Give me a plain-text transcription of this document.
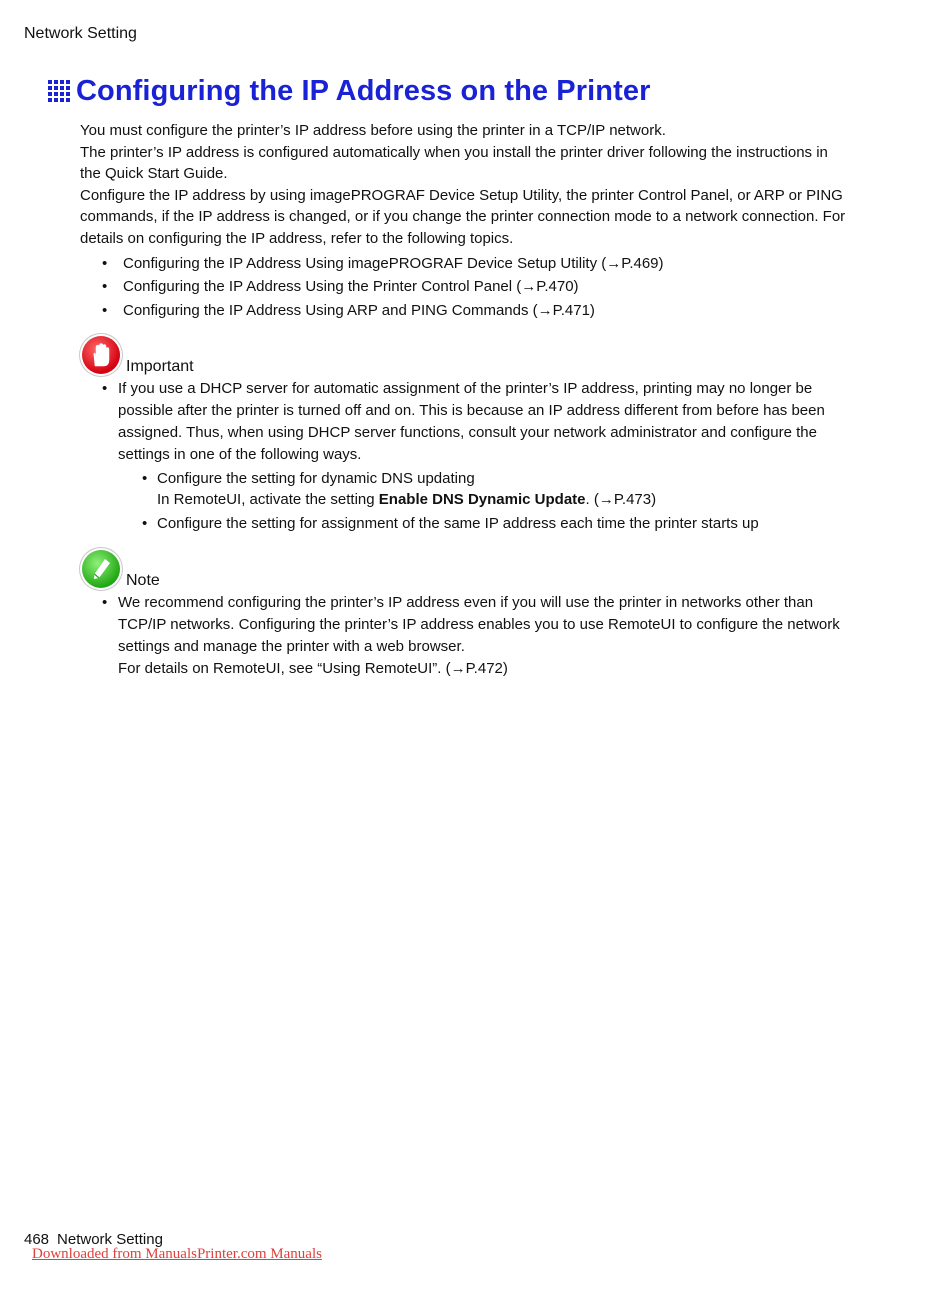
Network Setting
Configuring the IP Address on the Printer

You must configure the printer’s IP address before using the printer in a TCP/IP network.

The printer’s IP address is configured automatically when you install the printer driver following the instructions in the Quick Start Guide.

Configure the IP address by using imagePROGRAF Device Setup Utility, the printer Control Panel, or ARP or PING commands, if the IP address is changed, or if you change the printer connection mode to a network connection. For details on configuring the IP address, refer to the following topics.

• Configuring the IP Address Using imagePROGRAF Device Setup Utility (→P.469)
• Configuring the IP Address Using the Printer Control Panel (→P.470)
• Configuring the IP Address Using ARP and PING Commands (→P.471)
Important
• If you use a DHCP server for automatic assignment of the printer’s IP address, printing may no longer be possible after the printer is turned off and on. This is because an IP address different from before has been assigned. Thus, when using DHCP server functions, consult your network administrator and configure the settings in one of the following ways.
• Configure the setting for dynamic DNS updating
In RemoteUI, activate the setting Enable DNS Dynamic Update. (→P.473)
• Configure the setting for assignment of the same IP address each time the printer starts up
Note
• We recommend configuring the printer’s IP address even if you will use the printer in networks other than TCP/IP networks. Configuring the printer’s IP address enables you to use RemoteUI to configure the network settings and manage the printer with a web browser.
For details on RemoteUI, see “Using RemoteUI”. (→P.472)
468 Network Setting
Downloaded from ManualsPrinter.com Manuals
